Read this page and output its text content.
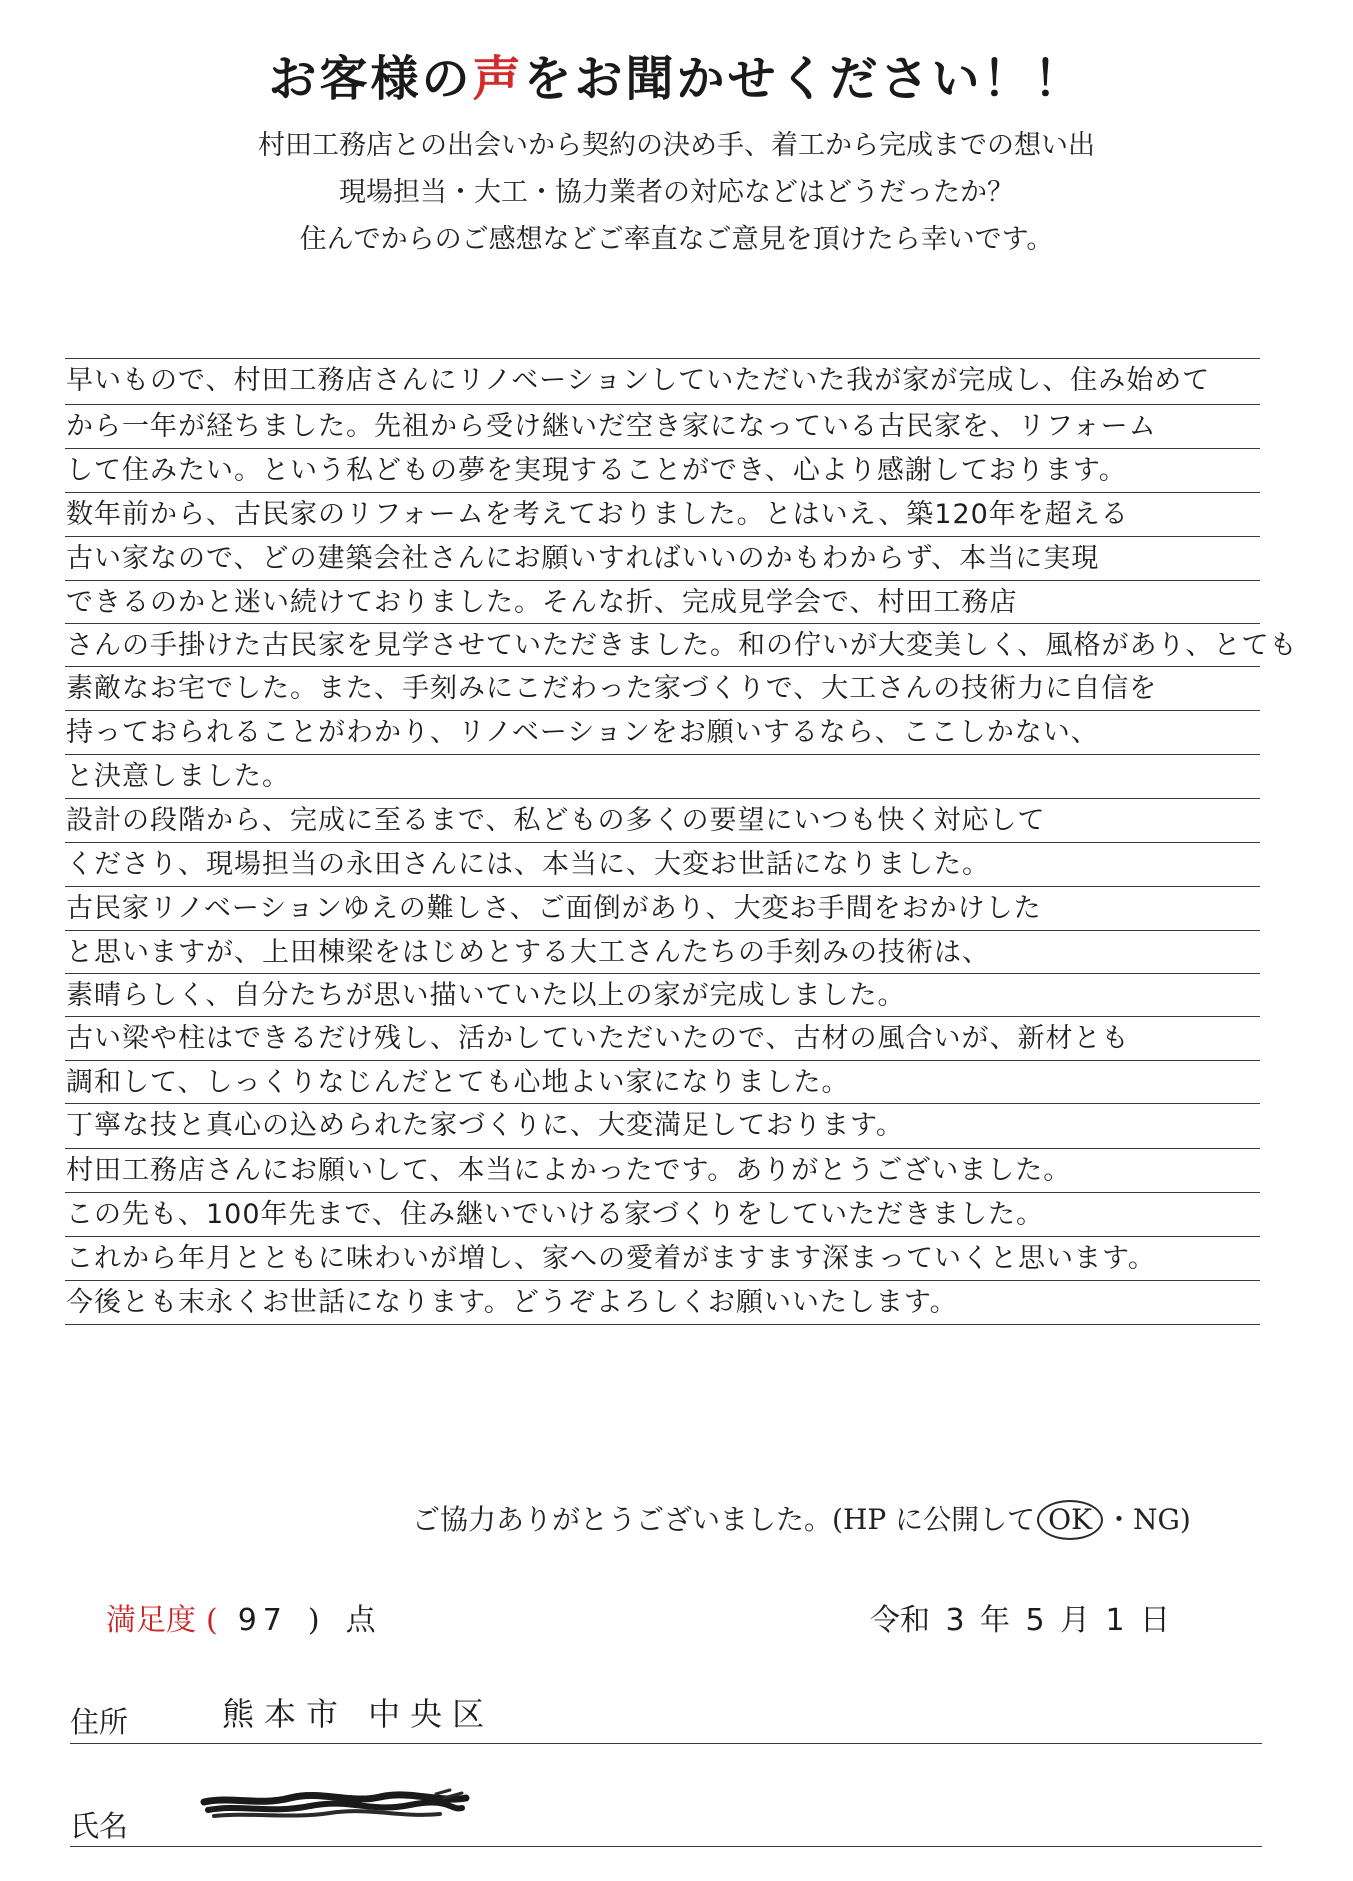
お客様の声をお聞かせください！！
村田工務店との出会いから契約の決め手、着工から完成までの想い出
現場担当・大工・協力業者の対応などはどうだったか？
住んでからのご感想などご率直なご意見を頂けたら幸いです。
早いもので、村田工務店さんにリノベーションしていただいた我が家が完成し、住み始めて
から一年が経ちました。先祖から受け継いだ空き家になっている古民家を、リフォーム
して住みたい。という私どもの夢を実現することができ、心より感謝しております。
数年前から、古民家のリフォームを考えておりました。とはいえ、築120年を超える
古い家なので、どの建築会社さんにお願いすればいいのかもわからず、本当に実現
できるのかと迷い続けておりました。そんな折、完成見学会で、村田工務店
さんの手掛けた古民家を見学させていただきました。和の佇いが大変美しく、風格があり、とても
素敵なお宅でした。また、手刻みにこだわった家づくりで、大工さんの技術力に自信を
持っておられることがわかり、リノベーションをお願いするなら、ここしかない、
と決意しました。
設計の段階から、完成に至るまで、私どもの多くの要望にいつも快く対応して
くださり、現場担当の永田さんには、本当に、大変お世話になりました。
古民家リノベーションゆえの難しさ、ご面倒があり、大変お手間をおかけした
と思いますが、上田棟梁をはじめとする大工さんたちの手刻みの技術は、
素晴らしく、自分たちが思い描いていた以上の家が完成しました。
古い梁や柱はできるだけ残し、活かしていただいたので、古材の風合いが、新材とも
調和して、しっくりなじんだとても心地よい家になりました。
丁寧な技と真心の込められた家づくりに、大変満足しております。
村田工務店さんにお願いして、本当によかったです。ありがとうございました。
この先も、100年先まで、住み継いでいける家づくりをしていただきました。
これから年月とともに味わいが増し、家への愛着がますます深まっていくと思います。
今後とも末永くお世話になります。どうぞよろしくお願いいたします。
ご協力ありがとうございました。(HP に公開して OK ・NG)
満足度 ( 97 ) 点	令和 3 年 5 月 1 日
住所	熊本市 中央区
氏名
